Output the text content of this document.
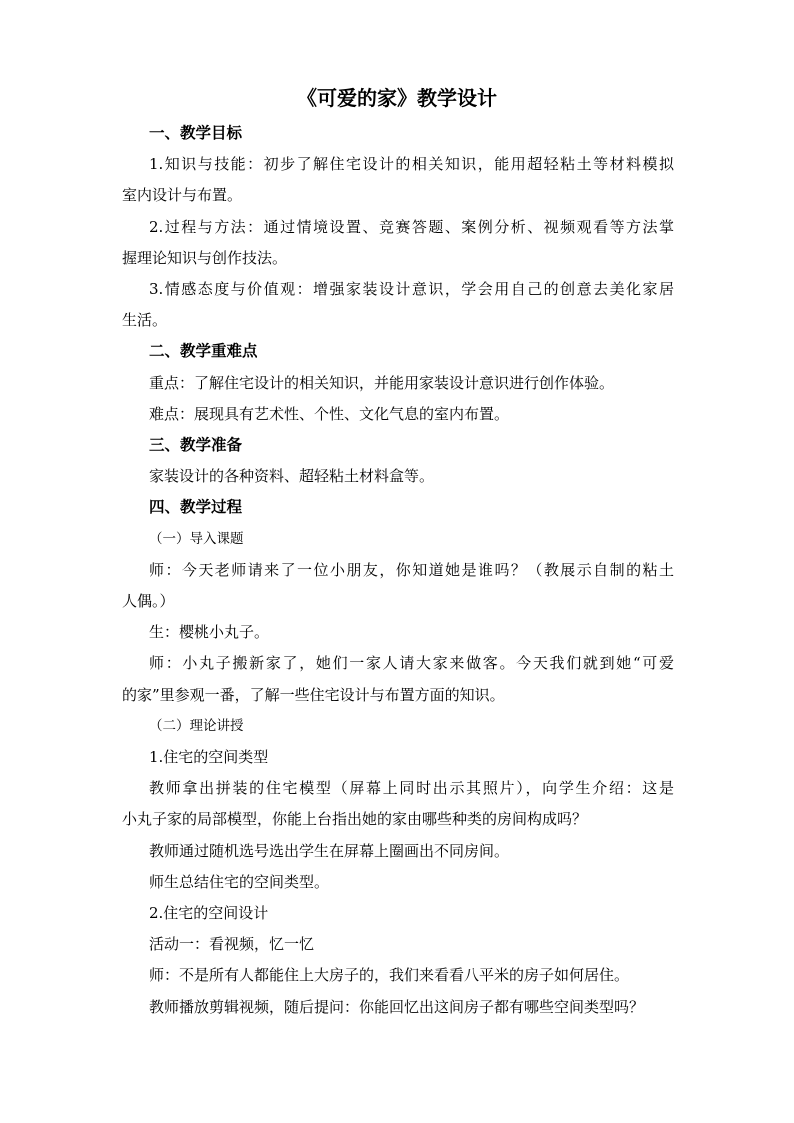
《可爱的家》教学设计
一、教学目标
1.知识与技能：初步了解住宅设计的相关知识，能用超轻粘土等材料模拟
室内设计与布置。
2.过程与方法：通过情境设置、竞赛答题、案例分析、视频观看等方法掌
握理论知识与创作技法。
3.情感态度与价值观：增强家装设计意识，学会用自己的创意去美化家居
生活。
二、教学重难点
重点：了解住宅设计的相关知识，并能用家装设计意识进行创作体验。
难点：展现具有艺术性、个性、文化气息的室内布置。
三、教学准备
家装设计的各种资料、超轻粘土材料盒等。
四、教学过程
（一）导入课题
师：今天老师请来了一位小朋友，你知道她是谁吗？（教展示自制的粘土
人偶。）
生：樱桃小丸子。
师：小丸子搬新家了，她们一家人请大家来做客。今天我们就到她“可爱
的家”里参观一番，了解一些住宅设计与布置方面的知识。
（二）理论讲授
1.住宅的空间类型
教师拿出拼装的住宅模型（屏幕上同时出示其照片），向学生介绍：这是
小丸子家的局部模型，你能上台指出她的家由哪些种类的房间构成吗？
教师通过随机选号选出学生在屏幕上圈画出不同房间。
师生总结住宅的空间类型。
2.住宅的空间设计
活动一：看视频，忆一忆
师：不是所有人都能住上大房子的，我们来看看八平米的房子如何居住。
教师播放剪辑视频，随后提问：你能回忆出这间房子都有哪些空间类型吗？
